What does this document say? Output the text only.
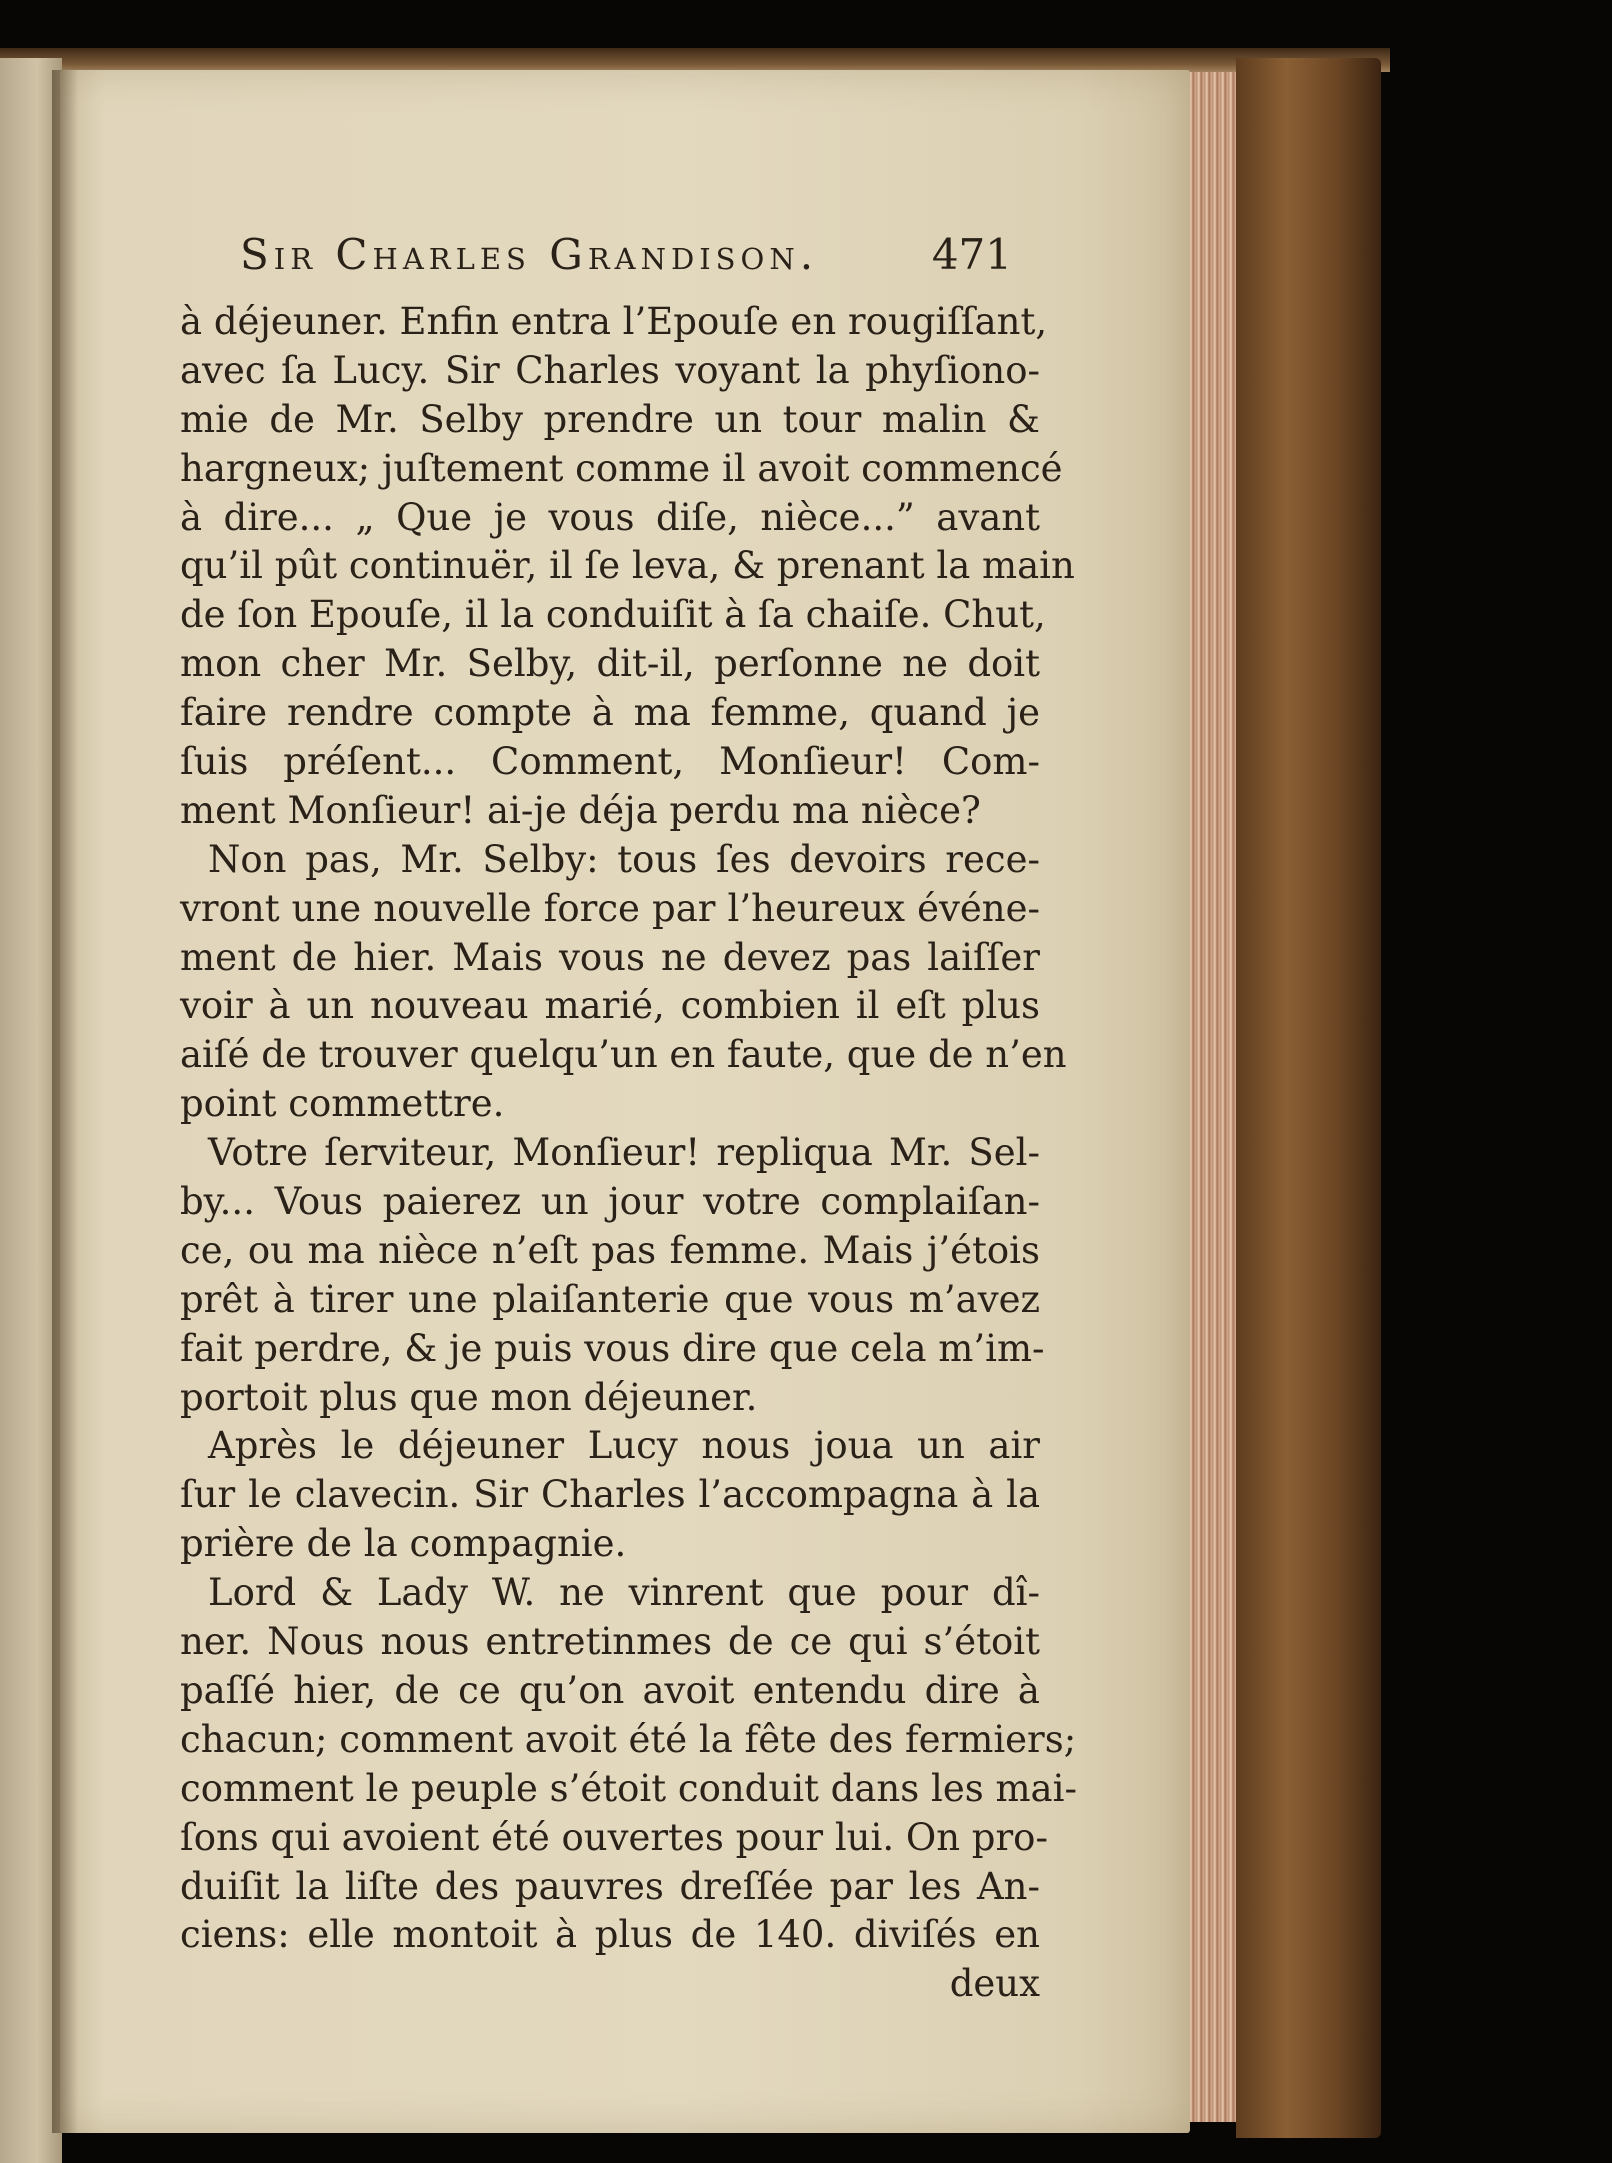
Sir Charles Grandison.	471
à déjeuner. Enfin entra l’Epouſe en rougiſſant,
avec ſa Lucy. Sir Charles voyant la phyſiono-
mie de Mr. Selby prendre un tour malin &
hargneux; juſtement comme il avoit commencé
à dire... „ Que je vous diſe, nièce...” avant
qu’il pût continuër, il ſe leva, & prenant la main
de ſon Epouſe, il la conduiſit à ſa chaiſe. Chut,
mon cher Mr. Selby, dit-il, perſonne ne doit
faire rendre compte à ma femme, quand je
ſuis préſent... Comment, Monſieur! Com-
ment Monſieur! ai-je déja perdu ma nièce?
Non pas, Mr. Selby: tous ſes devoirs rece-
vront une nouvelle force par l’heureux événe-
ment de hier. Mais vous ne devez pas laiſſer
voir à un nouveau marié, combien il eſt plus
aiſé de trouver quelqu’un en faute, que de n’en
point commettre.
Votre ſerviteur, Monſieur! repliqua Mr. Sel-
by... Vous paierez un jour votre complaiſan-
ce, ou ma nièce n’eſt pas femme. Mais j’étois
prêt à tirer une plaiſanterie que vous m’avez
fait perdre, & je puis vous dire que cela m’im-
portoit plus que mon déjeuner.
Après le déjeuner Lucy nous joua un air
ſur le clavecin. Sir Charles l’accompagna à la
prière de la compagnie.
Lord & Lady W. ne vinrent que pour dî-
ner. Nous nous entretinmes de ce qui s’étoit
paſſé hier, de ce qu’on avoit entendu dire à
chacun; comment avoit été la fête des fermiers;
comment le peuple s’étoit conduit dans les mai-
ſons qui avoient été ouvertes pour lui. On pro-
duiſit la liſte des pauvres dreſſée par les An-
ciens: elle montoit à plus de 140. diviſés en
deux
